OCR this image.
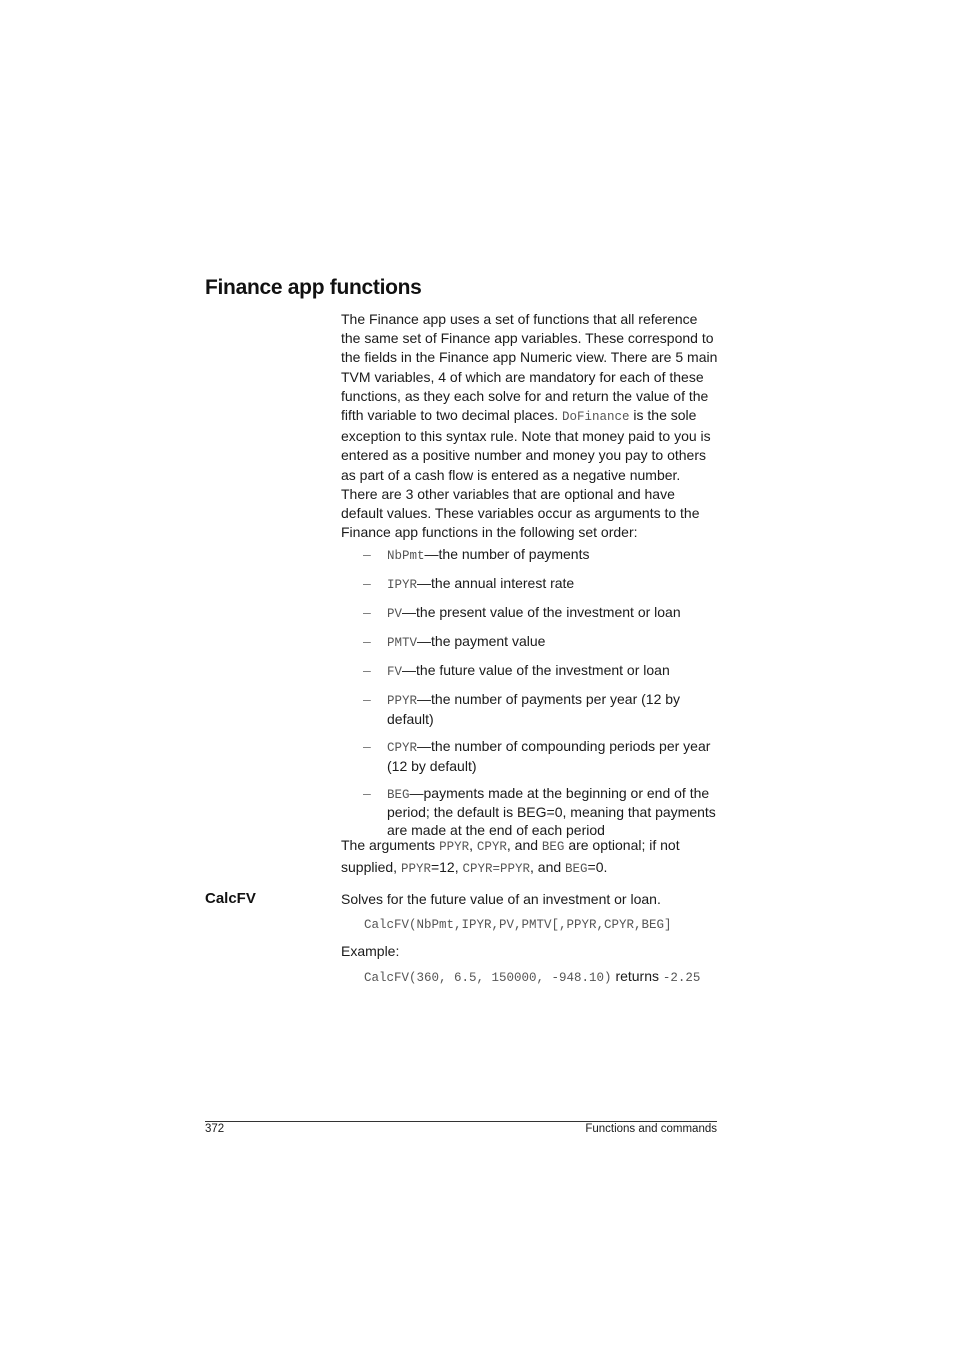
Finance app functions

The Finance app uses a set of functions that all reference the same set of Finance app variables. These correspond to the fields in the Finance app Numeric view. There are 5 main TVM variables, 4 of which are mandatory for each of these functions, as they each solve for and return the value of the fifth variable to two decimal places. DoFinance is the sole exception to this syntax rule. Note that money paid to you is entered as a positive number and money you pay to others as part of a cash flow is entered as a negative number. There are 3 other variables that are optional and have default values. These variables occur as arguments to the Finance app functions in the following set order:

– NbPmt—the number of payments
– IPYR—the annual interest rate
– PV—the present value of the investment or loan
– PMTV—the payment value
– FV—the future value of the investment or loan
– PPYR—the number of payments per year (12 by default)
– CPYR—the number of compounding periods per year (12 by default)
– BEG—payments made at the beginning or end of the period; the default is BEG=0, meaning that payments are made at the end of each period

The arguments PPYR, CPYR, and BEG are optional; if not supplied, PPYR=12, CPYR=PPYR, and BEG=0.

CalcFV	Solves for the future value of an investment or loan.

CalcFV(NbPmt,IPYR,PV,PMTV[,PPYR,CPYR,BEG]

Example:

CalcFV(360, 6.5, 150000, -948.10) returns -2.25

372	Functions and commands
